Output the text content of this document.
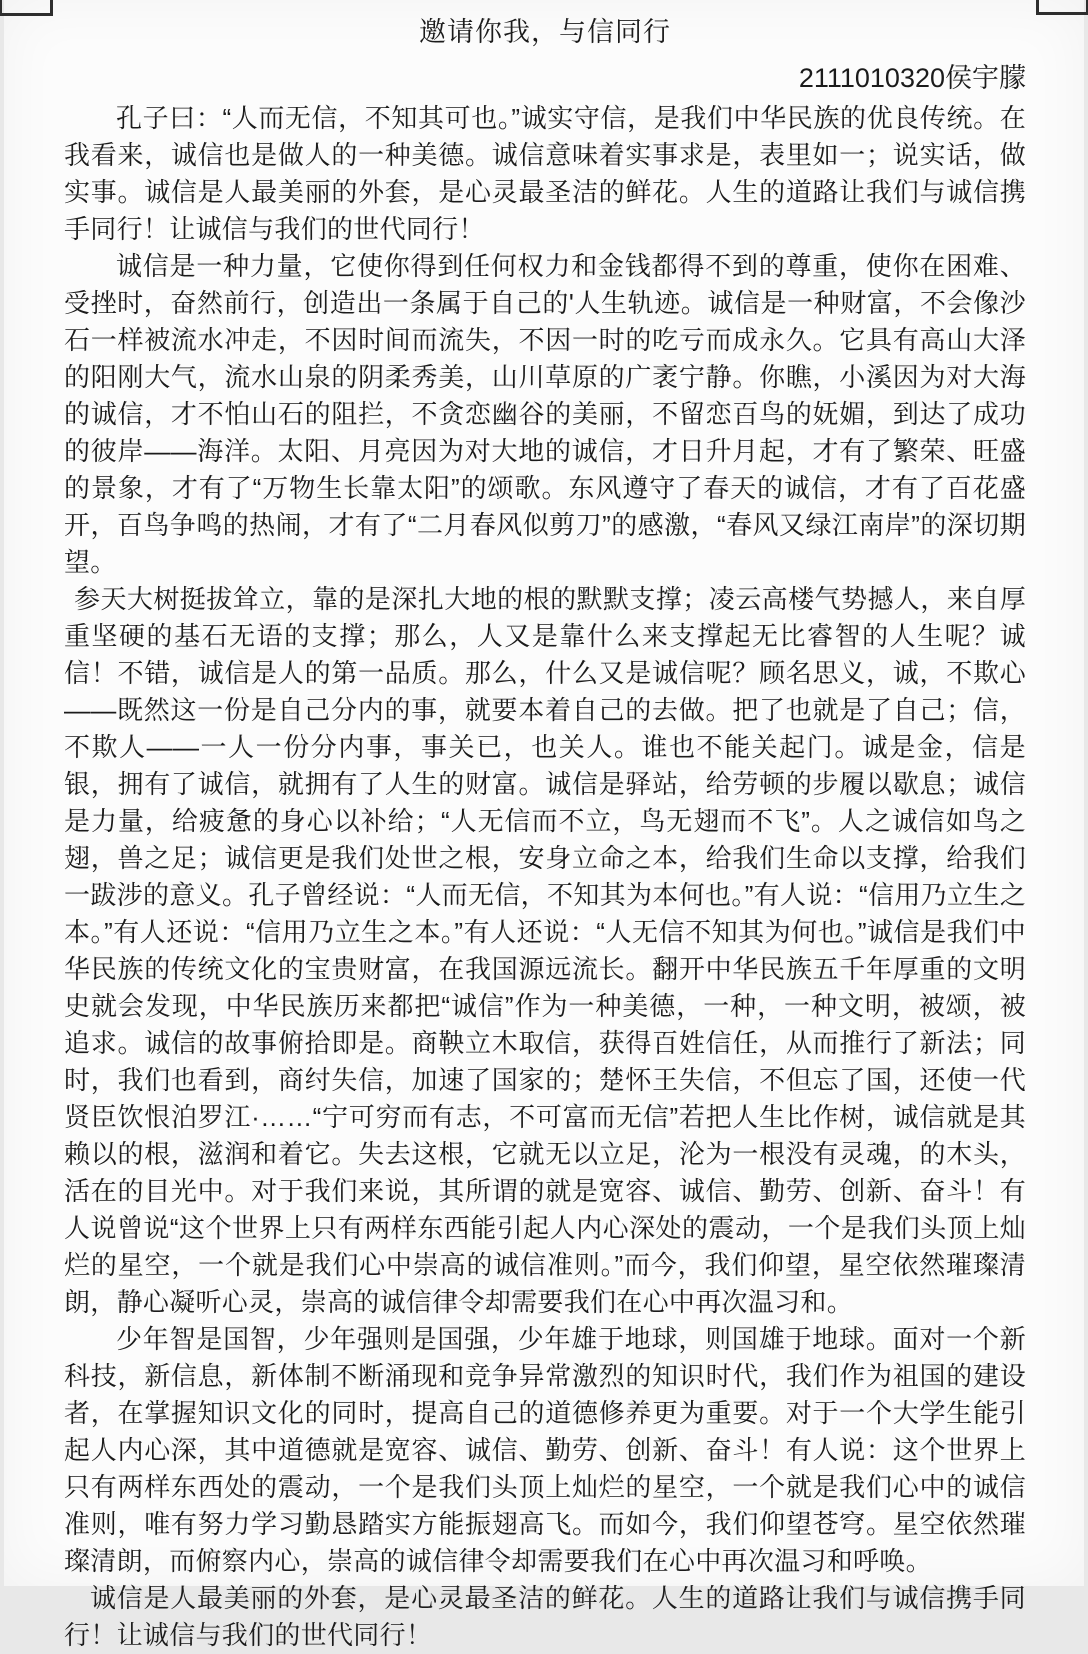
邀请你我，与信同行
2111010320侯宇朦

孔子曰：“人而无信，不知其可也。”诚实守信，是我们中华民族的优良传统。在我看来，诚信也是做人的一种美德。诚信意味着实事求是，表里如一；说实话，做实事。诚信是人最美丽的外套，是心灵最圣洁的鲜花。人生的道路让我们与诚信携手同行！让诚信与我们的世代同行！

诚信是一种力量，它使你得到任何权力和金钱都得不到的尊重，使你在困难、受挫时，奋然前行，创造出一条属于自己的'人生轨迹。诚信是一种财富，不会像沙石一样被流水冲走，不因时间而流失，不因一时的吃亏而成永久。它具有高山大泽的阳刚大气，流水山泉的阴柔秀美，山川草原的广袤宁静。你瞧，小溪因为对大海的诚信，才不怕山石的阻拦，不贪恋幽谷的美丽，不留恋百鸟的妩媚，到达了成功的彼岸——海洋。太阳、月亮因为对大地的诚信，才日升月起，才有了繁荣、旺盛的景象，才有了“万物生长靠太阳”的颂歌。东风遵守了春天的诚信，才有了百花盛开，百鸟争鸣的热闹，才有了“二月春风似剪刀”的感激，“春风又绿江南岸”的深切期望。

参天大树挺拔耸立，靠的是深扎大地的根的默默支撑；凌云高楼气势撼人，来自厚重坚硬的基石无语的支撑；那么，人又是靠什么来支撑起无比睿智的人生呢？诚信！不错，诚信是人的第一品质。那么，什么又是诚信呢？顾名思义，诚，不欺心——既然这一份是自己分内的事，就要本着自己的去做。把了也就是了自己；信，不欺人——一人一份分内事，事关已，也关人。谁也不能关起门。诚是金，信是银，拥有了诚信，就拥有了人生的财富。诚信是驿站，给劳顿的步履以歇息；诚信是力量，给疲惫的身心以补给；“人无信而不立，鸟无翅而不飞”。人之诚信如鸟之翅，兽之足；诚信更是我们处世之根，安身立命之本，给我们生命以支撑，给我们一跋涉的意义。孔子曾经说：“人而无信，不知其为本何也。”有人说：“信用乃立生之本。”有人还说：“信用乃立生之本。”有人还说：“人无信不知其为何也。”诚信是我们中华民族的传统文化的宝贵财富，在我国源远流长。翻开中华民族五千年厚重的文明史就会发现，中华民族历来都把“诚信”作为一种美德，一种，一种文明，被颂，被追求。诚信的故事俯拾即是。商鞅立木取信，获得百姓信任，从而推行了新法；同时，我们也看到，商纣失信，加速了国家的；楚怀王失信，不但忘了国，还使一代贤臣饮恨泊罗江·……“宁可穷而有志，不可富而无信”若把人生比作树，诚信就是其赖以的根，滋润和着它。失去这根，它就无以立足，沦为一根没有灵魂，的木头，活在的目光中。对于我们来说，其所谓的就是宽容、诚信、勤劳、创新、奋斗！有人说曾说“这个世界上只有两样东西能引起人内心深处的震动，一个是我们头顶上灿烂的星空，一个就是我们心中崇高的诚信准则。”而今，我们仰望，星空依然璀璨清朗，静心凝听心灵，崇高的诚信律令却需要我们在心中再次温习和。

少年智是国智，少年强则是国强，少年雄于地球，则国雄于地球。面对一个新科技，新信息，新体制不断涌现和竞争异常激烈的知识时代，我们作为祖国的建设者，在掌握知识文化的同时，提高自己的道德修养更为重要。对于一个大学生能引起人内心深，其中道德就是宽容、诚信、勤劳、创新、奋斗！有人说：这个世界上只有两样东西处的震动，一个是我们头顶上灿烂的星空，一个就是我们心中的诚信准则，唯有努力学习勤恳踏实方能振翅高飞。而如今，我们仰望苍穹。星空依然璀璨清朗，而俯察内心，崇高的诚信律令却需要我们在心中再次温习和呼唤。

诚信是人最美丽的外套，是心灵最圣洁的鲜花。人生的道路让我们与诚信携手同行！让诚信与我们的世代同行！
